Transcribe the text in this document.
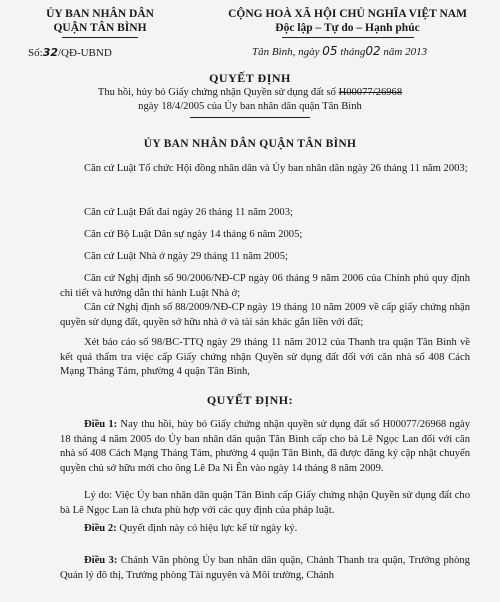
ỦY BAN NHÂN DÂN
QUẬN TÂN BÌNH
Số:32/QĐ-UBND
CỘNG HOÀ XÃ HỘI CHỦ NGHĨA VIỆT NAM
Độc lập – Tự do – Hạnh phúc
Tân Bình, ngày 05 tháng02 năm 2013
QUYẾT ĐỊNH
Thu hồi, hủy bỏ Giấy chứng nhận Quyền sử dụng đất số H00077/26968
ngày 18/4/2005 của Ủy ban nhân dân quận Tân Bình
ỦY BAN NHÂN DÂN QUẬN TÂN BÌNH
Căn cứ Luật Tổ chức Hội đồng nhân dân và Ủy ban nhân dân ngày 26 tháng 11 năm 2003;
Căn cứ Luật Đất đai ngày 26 tháng 11 năm 2003;
Căn cứ Bộ Luật Dân sự ngày 14 tháng 6 năm 2005;
Căn cứ Luật Nhà ở ngày 29 tháng 11 năm 2005;
Căn cứ Nghị định số 90/2006/NĐ-CP ngày 06 tháng 9 năm 2006 của Chính phủ quy định chi tiết và hướng dẫn thi hành Luật Nhà ở;
Căn cứ Nghị định số 88/2009/NĐ-CP ngày 19 tháng 10 năm 2009 về cấp giấy chứng nhận quyền sử dụng đất, quyền sở hữu nhà ở và tài sản khác gắn liền với đất;
Xét báo cáo số 98/BC-TTQ ngày 29 tháng 11 năm 2012 của Thanh tra quận Tân Bình về kết quả thẩm tra việc cấp Giấy chứng nhận Quyền sử dụng đất đối với căn nhà số 408 Cách Mạng Tháng Tám, phường 4 quận Tân Bình,
QUYẾT ĐỊNH:
Điều 1: Nay thu hồi, hủy bỏ Giấy chứng nhận quyền sử dụng đất số H00077/26968 ngày 18 tháng 4 năm 2005 do Ủy ban nhân dân quận Tân Bình cấp cho bà Lê Ngọc Lan đối với căn nhà số 408 Cách Mạng Tháng Tám, phường 4 quận Tân Bình, đã được đăng ký cập nhật chuyển quyền chủ sở hữu mới cho ông Lê Da Ni Ên vào ngày 14 tháng 8 năm 2009.
Lý do: Việc Ủy ban nhân dân quận Tân Bình cấp Giấy chứng nhận Quyền sử dụng đất cho bà Lê Ngọc Lan là chưa phù hợp với các quy định của pháp luật.
Điều 2: Quyết định này có hiệu lực kể từ ngày ký.
Điều 3: Chánh Văn phòng Ủy ban nhân dân quận, Chánh Thanh tra quận, Trưởng phòng Quản lý đô thị, Trưởng phòng Tài nguyên và Môi trường, Chánh
